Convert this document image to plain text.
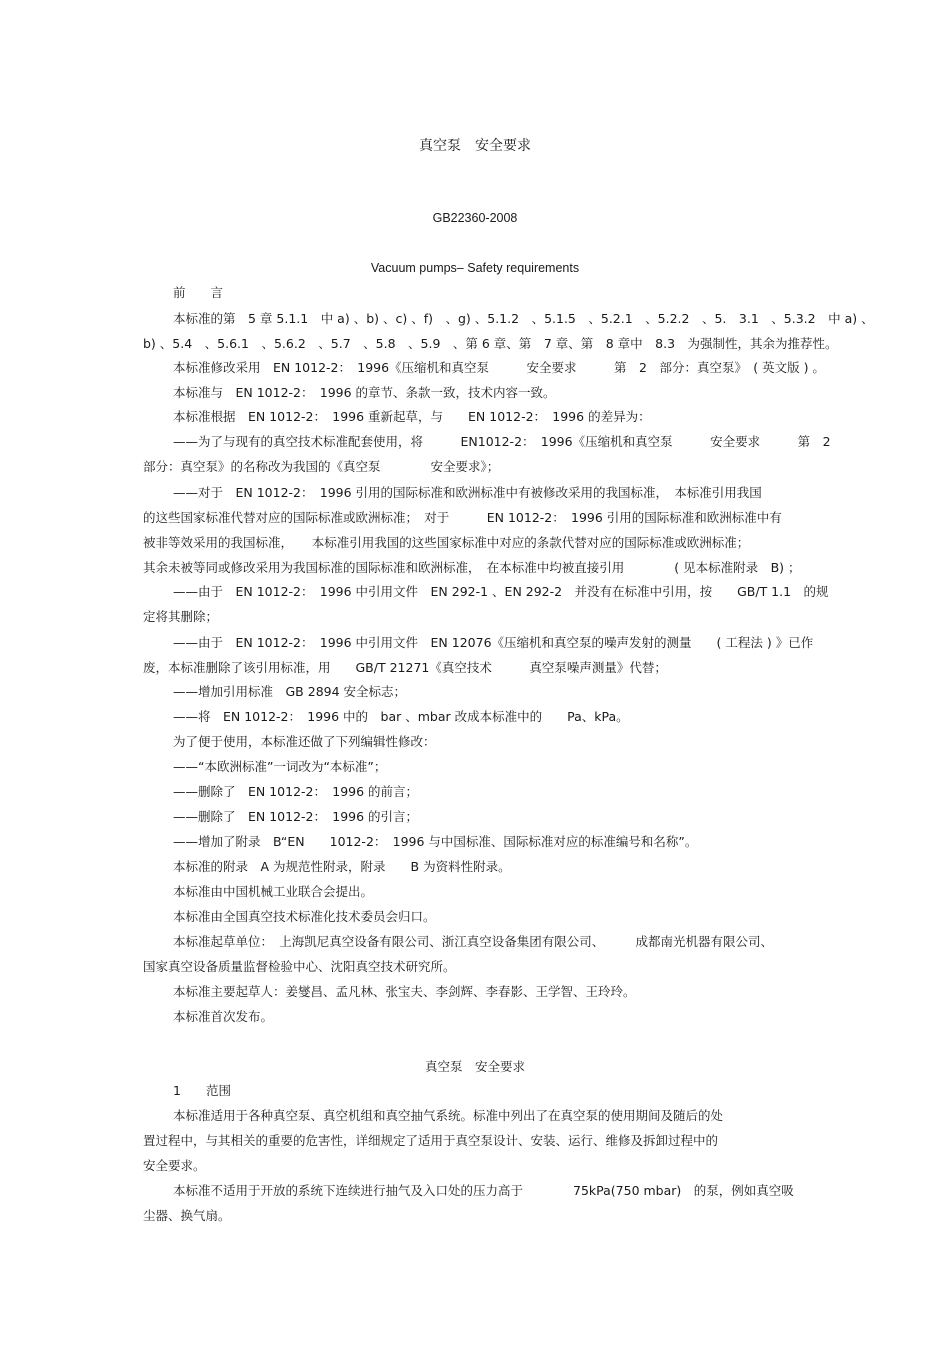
真空泵　安全要求
GB22360-2008
Vacuum pumps– Safety requirements
前　　言
本标准的第　5 章 5.1.1　中 a) 、b) 、c) 、f)　、g) 、5.1.2　、5.1.5　、5.2.1　、5.2.2　、5.　3.1　、5.3.2　中 a) 、
b) 、5.4　、5.6.1　、5.6.2　、5.7　、5.8　、5.9　、第 6 章、第　7 章、第　8 章中　8.3　为强制性，其余为推荐性。
本标准修改采用　EN 1012-2：　1996《压缩机和真空泵　　　安全要求　　　第　2　部分：真空泵》　( 英文版 ) 。
本标准与　EN 1012-2：　1996 的章节、条款一致，技术内容一致。
本标准根据　EN 1012-2：　1996 重新起草，与　　EN 1012-2：　1996 的差异为：
——为了与现有的真空技术标准配套使用，将　　　EN1012-2：　1996《压缩机和真空泵　　　安全要求　　　第　2
部分：真空泵》的名称改为我国的《真空泵　　　　安全要求》；
——对于　EN 1012-2：　1996 引用的国际标准和欧洲标准中有被修改采用的我国标准，　本标准引用我国
的这些国家标准代替对应的国际标准或欧洲标准；　对于　　　EN 1012-2：　1996 引用的国际标准和欧洲标准中有
被非等效采用的我国标准，　　本标准引用我国的这些国家标准中对应的条款代替对应的国际标准或欧洲标准；
其余未被等同或修改采用为我国标准的国际标准和欧洲标准，　在本标准中均被直接引用　　　　( 见本标准附录　B) ；
——由于　EN 1012-2：　1996 中引用文件　EN 292-1 、EN 292-2　并没有在标准中引用，按　　GB/T 1.1　的规
定将其删除；
——由于　EN 1012-2：　1996 中引用文件　EN 12076《压缩机和真空泵的噪声发射的测量　　( 工程法 ) 》已作
废，本标准删除了该引用标准，用　　GB/T 21271《真空技术　　　真空泵噪声测量》代替；
——增加引用标准　GB 2894 安全标志；
——将　EN 1012-2：　1996 中的　bar 、mbar 改成本标准中的　　Pa、kPa。
为了便于使用，本标准还做了下列编辑性修改：
——“本欧洲标准”一词改为“本标准”；
——删除了　EN 1012-2：　1996 的前言；
——删除了　EN 1012-2：　1996 的引言；
——增加了附录　B“EN　　1012-2：　1996 与中国标准、国际标准对应的标准编号和名称”。
本标准的附录　A 为规范性附录，附录　　B 为资料性附录。
本标准由中国机械工业联合会提出。
本标准由全国真空技术标准化技术委员会归口。
本标准起草单位：　上海凯尼真空设备有限公司、浙江真空设备集团有限公司、　　　成都南光机器有限公司、
国家真空设备质量监督检验中心、沈阳真空技术研究所。
本标准主要起草人：姜燮昌、孟凡林、张宝夫、李剑辉、李春影、王学智、王玲玲。
本标准首次发布。
真空泵　安全要求
1　　范围
本标准适用于各种真空泵、真空机组和真空抽气系统。标准中列出了在真空泵的使用期间及随后的处
置过程中，与其相关的重要的危害性，详细规定了适用于真空泵设计、安装、运行、维修及拆卸过程中的
安全要求。
本标准不适用于开放的系统下连续进行抽气及入口处的压力高于　　　　75kPa(750 mbar)　的泵，例如真空吸
尘器、换气扇。
